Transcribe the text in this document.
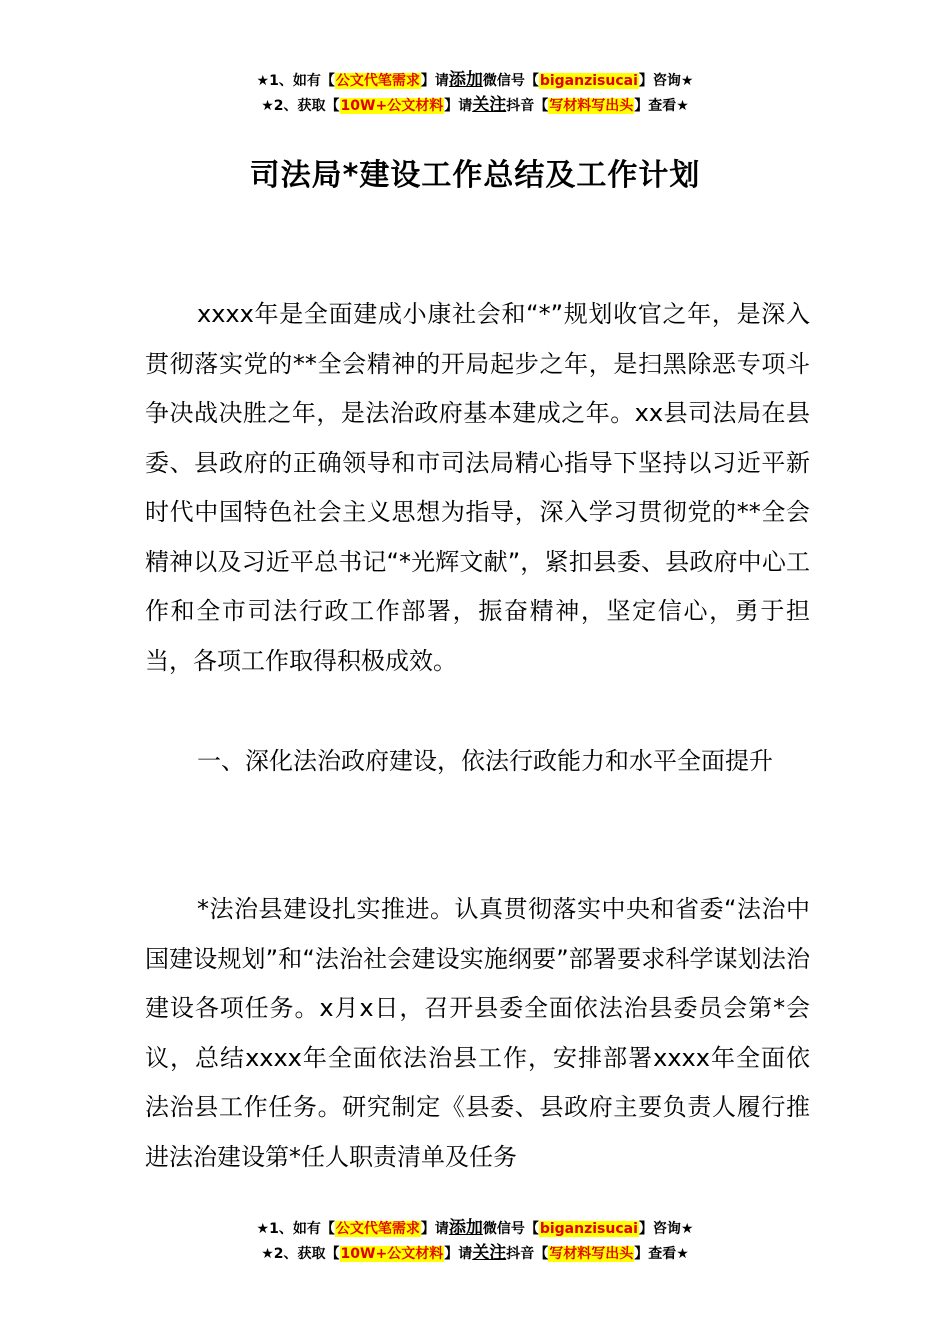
★1、如有【公文代笔需求】请添加微信号【biganzisucai】咨询★
★2、获取【10W+公文材料】请关注抖音【写材料写出头】查看★
司法局*建设工作总结及工作计划
xxxx年是全面建成小康社会和“*”规划收官之年，是深入贯彻落实党的**全会精神的开局起步之年，是扫黑除恶专项斗争决战决胜之年，是法治政府基本建成之年。xx县司法局在县委、县政府的正确领导和市司法局精心指导下坚持以习近平新时代中国特色社会主义思想为指导，深入学习贯彻党的**全会精神以及习近平总书记“*光辉文献”，紧扣县委、县政府中心工作和全市司法行政工作部署，振奋精神，坚定信心，勇于担当，各项工作取得积极成效。
一、深化法治政府建设，依法行政能力和水平全面提升
*法治县建设扎实推进。认真贯彻落实中央和省委“法治中国建设规划”和“法治社会建设实施纲要”部署要求科学谋划法治建设各项任务。x月x日，召开县委全面依法治县委员会第*会议，总结xxxx年全面依法治县工作，安排部署xxxx年全面依法治县工作任务。研究制定《县委、县政府主要负责人履行推进法治建设第*任人职责清单及任务
★1、如有【公文代笔需求】请添加微信号【biganzisucai】咨询★
★2、获取【10W+公文材料】请关注抖音【写材料写出头】查看★
